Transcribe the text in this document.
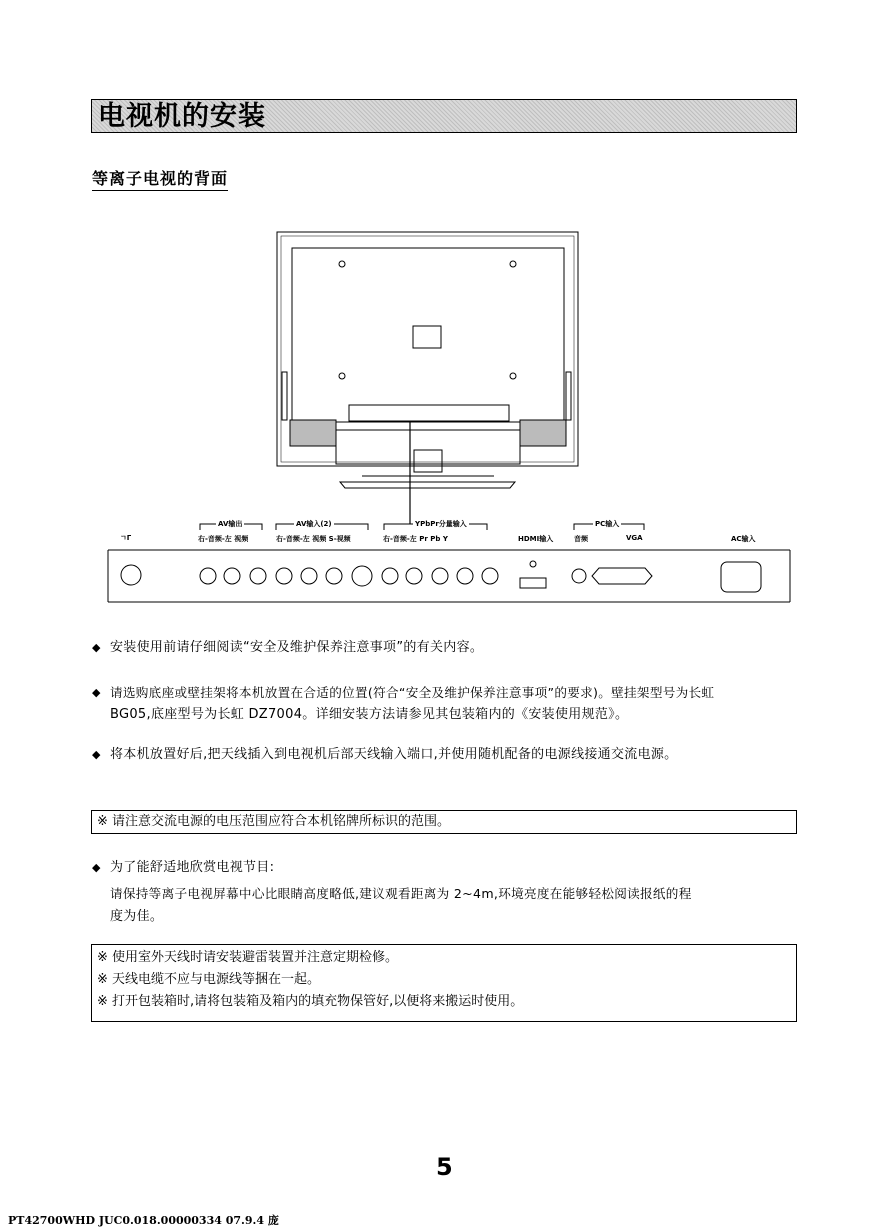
电视机的安装
等离子电视的背面
ㄱΓ
AV输出
右-音频-左 视频
AV输入(2)
右-音频-左 视频 S-视频
YPbPr分量输入
右-音频-左 Pr Pb Y	HDMI输入
PC输入
音频	VGA	AC输入
◆ 安装使用前请仔细阅读“安全及维护保养注意事项”的有关内容。
◆ 请选购底座或壁挂架将本机放置在合适的位置(符合“安全及维护保养注意事项”的要求)。壁挂架型号为长虹
BG05,底座型号为长虹 DZ7004。详细安装方法请参见其包装箱内的《安装使用规范》。
◆ 将本机放置好后,把天线插入到电视机后部天线输入端口,并使用随机配备的电源线接通交流电源。
※ 请注意交流电源的电压范围应符合本机铭牌所标识的范围。
◆ 为了能舒适地欣赏电视节目:
请保持等离子电视屏幕中心比眼睛高度略低,建议观看距离为 2~4m,环境亮度在能够轻松阅读报纸的程
度为佳。
※ 使用室外天线时请安装避雷装置并注意定期检修。
※ 天线电缆不应与电源线等捆在一起。
※ 打开包装箱时,请将包装箱及箱内的填充物保管好,以便将来搬运时使用。
5
PT42700WHD JUC0.018.00000334 07.9.4 庞
